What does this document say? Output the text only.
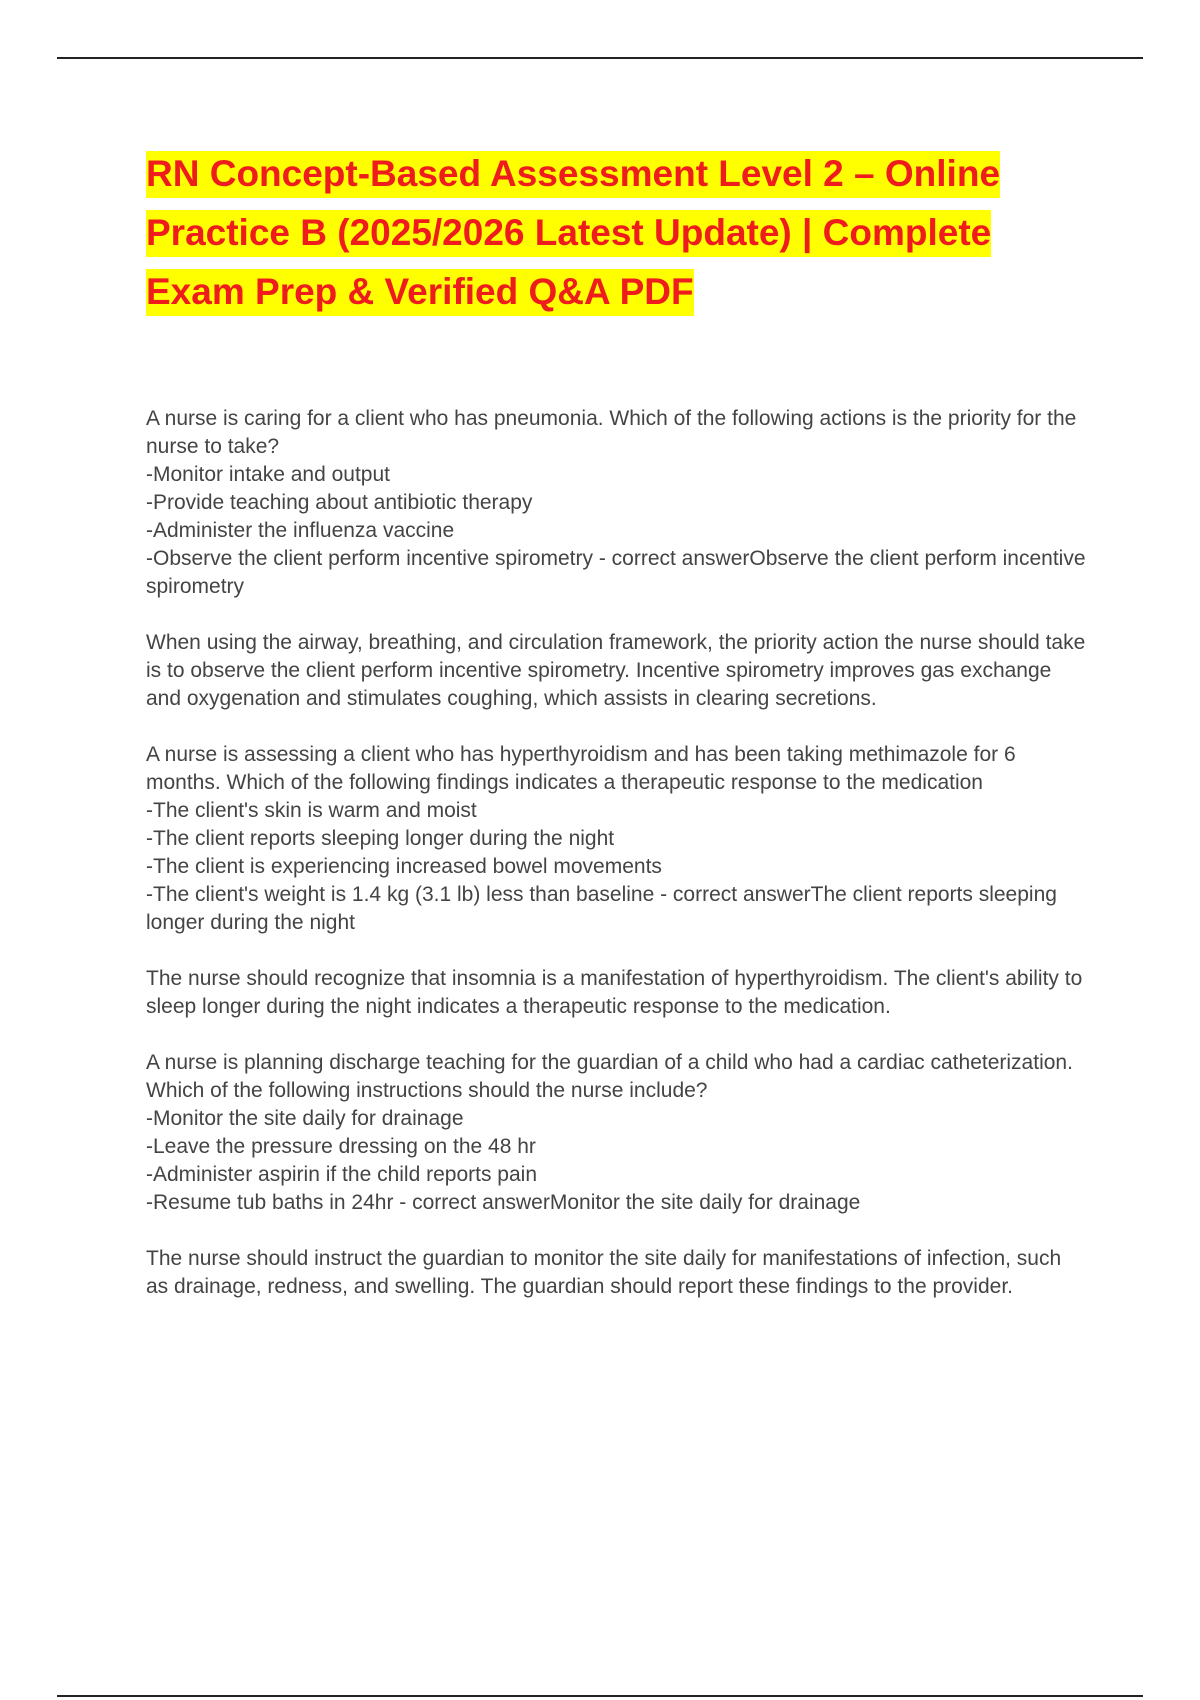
RN Concept-Based Assessment Level 2 – Online Practice B (2025/2026 Latest Update) | Complete Exam Prep & Verified Q&A PDF

A nurse is caring for a client who has pneumonia. Which of the following actions is the priority for the nurse to take?

-Monitor intake and output
-Provide teaching about antibiotic therapy
-Administer the influenza vaccine
-Observe the client perform incentive spirometry - correct answerObserve the client perform incentive spirometry

When using the airway, breathing, and circulation framework, the priority action the nurse should take is to observe the client perform incentive spirometry. Incentive spirometry improves gas exchange and oxygenation and stimulates coughing, which assists in clearing secretions.

A nurse is assessing a client who has hyperthyroidism and has been taking methimazole for 6 months. Which of the following findings indicates a therapeutic response to the medication

-The client's skin is warm and moist
-The client reports sleeping longer during the night
-The client is experiencing increased bowel movements
-The client's weight is 1.4 kg (3.1 lb) less than baseline - correct answerThe client reports sleeping longer during the night

The nurse should recognize that insomnia is a manifestation of hyperthyroidism. The client's ability to sleep longer during the night indicates a therapeutic response to the medication.

A nurse is planning discharge teaching for the guardian of a child who had a cardiac catheterization. Which of the following instructions should the nurse include?

-Monitor the site daily for drainage
-Leave the pressure dressing on the 48 hr
-Administer aspirin if the child reports pain
-Resume tub baths in 24hr - correct answerMonitor the site daily for drainage

The nurse should instruct the guardian to monitor the site daily for manifestations of infection, such as drainage, redness, and swelling. The guardian should report these findings to the provider.
